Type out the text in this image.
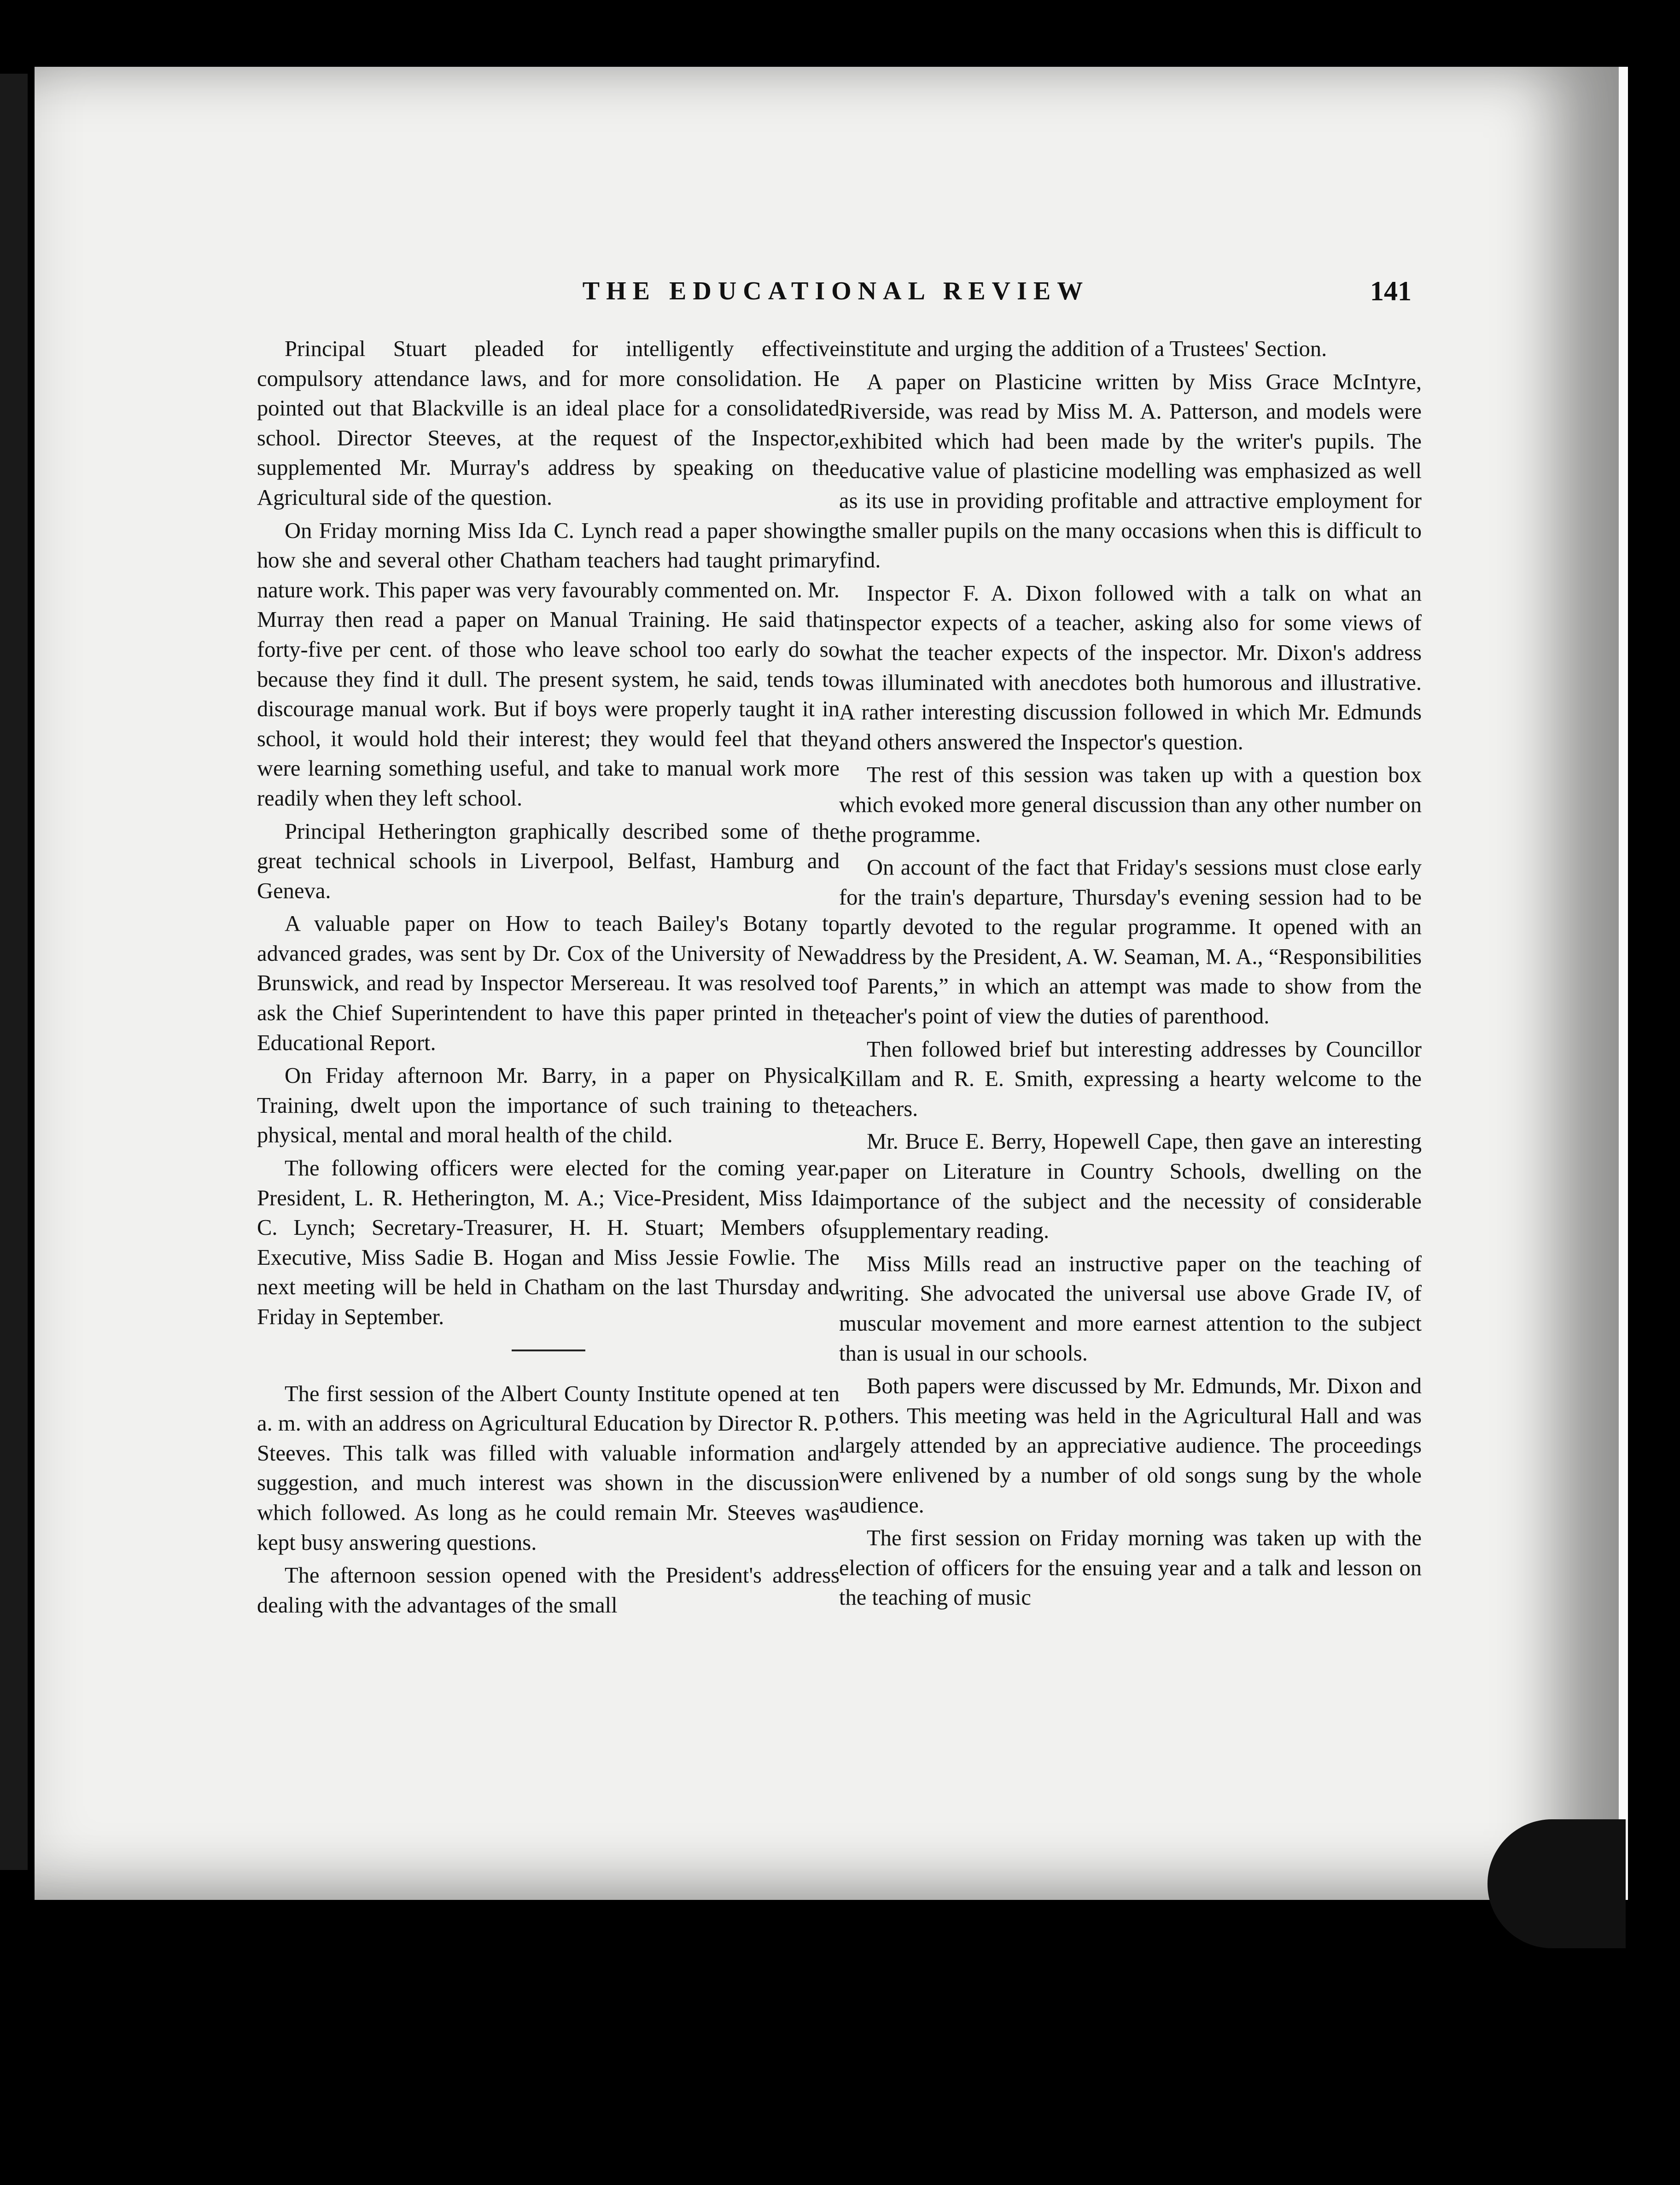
THE EDUCATIONAL REVIEW	141

Principal Stuart pleaded for intelligently effective compulsory attendance laws, and for more consolidation. He pointed out that Blackville is an ideal place for a consolidated school. Director Steeves, at the request of the Inspector, supplemented Mr. Murray's address by speaking on the Agricultural side of the question.

On Friday morning Miss Ida C. Lynch read a paper showing how she and several other Chatham teachers had taught primary nature work. This paper was very favourably commented on. Mr. Murray then read a paper on Manual Training. He said that forty-five per cent. of those who leave school too early do so because they find it dull. The present system, he said, tends to discourage manual work. But if boys were properly taught it in school, it would hold their interest; they would feel that they were learning something useful, and take to manual work more readily when they left school.

Principal Hetherington graphically described some of the great technical schools in Liverpool, Belfast, Hamburg and Geneva.

A valuable paper on How to teach Bailey's Botany to advanced grades, was sent by Dr. Cox of the University of New Brunswick, and read by Inspector Mersereau. It was resolved to ask the Chief Superintendent to have this paper printed in the Educational Report.

On Friday afternoon Mr. Barry, in a paper on Physical Training, dwelt upon the importance of such training to the physical, mental and moral health of the child.

The following officers were elected for the coming year. President, L. R. Hetherington, M. A.; Vice-President, Miss Ida C. Lynch; Secretary-Treasurer, H. H. Stuart; Members of Executive, Miss Sadie B. Hogan and Miss Jessie Fowlie. The next meeting will be held in Chatham on the last Thursday and Friday in September.

The first session of the Albert County Institute opened at ten a. m. with an address on Agricultural Education by Director R. P. Steeves. This talk was filled with valuable information and suggestion, and much interest was shown in the discussion which followed. As long as he could remain Mr. Steeves was kept busy answering questions.

The afternoon session opened with the President's address dealing with the advantages of the small

institute and urging the addition of a Trustees' Section.

A paper on Plasticine written by Miss Grace McIntyre, Riverside, was read by Miss M. A. Patterson, and models were exhibited which had been made by the writer's pupils. The educative value of plasticine modelling was emphasized as well as its use in providing profitable and attractive employment for the smaller pupils on the many occasions when this is difficult to find.

Inspector F. A. Dixon followed with a talk on what an inspector expects of a teacher, asking also for some views of what the teacher expects of the inspector. Mr. Dixon's address was illuminated with anecdotes both humorous and illustrative. A rather interesting discussion followed in which Mr. Edmunds and others answered the Inspector's question.

The rest of this session was taken up with a question box which evoked more general discussion than any other number on the programme.

On account of the fact that Friday's sessions must close early for the train's departure, Thursday's evening session had to be partly devoted to the regular programme. It opened with an address by the President, A. W. Seaman, M. A., “Responsibilities of Parents,” in which an attempt was made to show from the teacher's point of view the duties of parenthood.

Then followed brief but interesting addresses by Councillor Killam and R. E. Smith, expressing a hearty welcome to the teachers.

Mr. Bruce E. Berry, Hopewell Cape, then gave an interesting paper on Literature in Country Schools, dwelling on the importance of the subject and the necessity of considerable supplementary reading.

Miss Mills read an instructive paper on the teaching of writing. She advocated the universal use above Grade IV, of muscular movement and more earnest attention to the subject than is usual in our schools.

Both papers were discussed by Mr. Edmunds, Mr. Dixon and others. This meeting was held in the Agricultural Hall and was largely attended by an appreciative audience. The proceedings were enlivened by a number of old songs sung by the whole audience.

The first session on Friday morning was taken up with the election of officers for the ensuing year and a talk and lesson on the teaching of music
